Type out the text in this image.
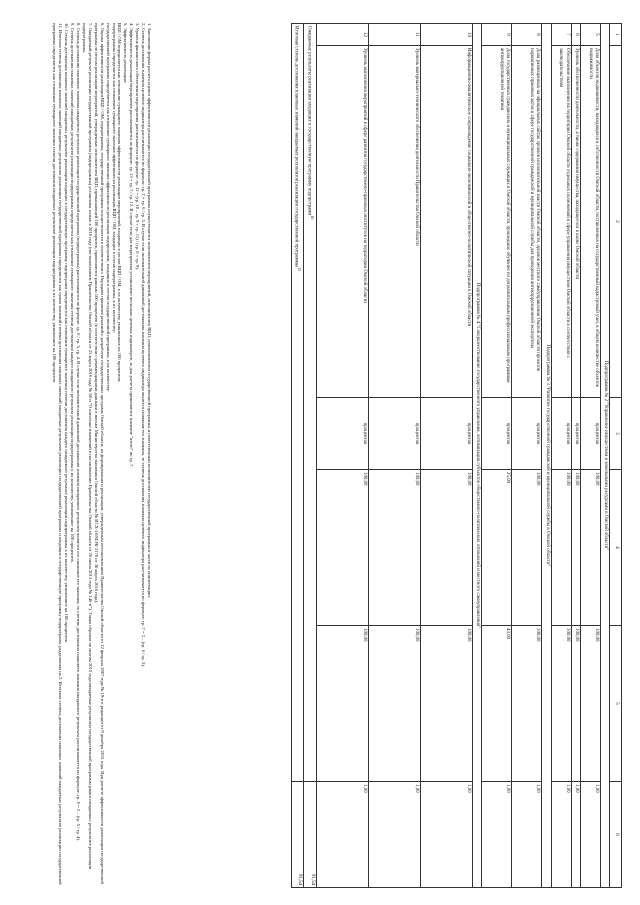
1	2	3	4	5	6
Подпрограмма № 2 "Управление имуществом и земельными ресурсами в Омской области"					
5	Доля объектов недвижимости, находящихся в собственности Омской области, поставленных на государственный кадастровый учет, в общем количестве объектов недвижимости	процентов	100,00	100,00	1,00
6	Уровень обеспеченности деятельности, а также содержания имущества, находящегося в казне Омской области	процентов	100,00	100,00	1,00
7	Обеспечение выполнения на территории Омской области отдельных полномочий в сфере управления имуществом Омской области в соответствии с законодательством	процентов	100,00	100,00	1,00
Подпрограмма № 3 "Развитие государственной гражданской и муниципальной службы в Омской области"					
8	Доля размещенных на официальных сайтах органов исполнительной власти Омской области, органов местного самоуправления Омской области проектов нормативных правовых актов в сфере государственной гражданской и муниципальной службы для проведения антикоррупционной экспертизы	процентов	100,00	100,00	1,00
9	Доля государственных гражданских и муниципальных служащих в Омской области, прошедших обучение по дополнительным профессиональным программам антикоррупционной тематики	процентов	25,00	43,00	1,00
Подпрограмма № 4 "Совершенствование государственного управления, оптимизация субъектов общественно-политических отношений и местного самоуправления"					
10	Информационно-аналитическое сопровождение социально-экономической и общественно-политической ситуации в Омской области	процентов	100,00	100,00	1,00
11	Уровень материально-технического обеспечения деятельности Правительства Омской области	процентов	100,00	100,00	1,00
12	Уровень выполнения мероприятий в сфере развития государственно-правовых институтов на территории Омской области	процентов	100,00	100,00	1,00
Ожидаемые результаты реализации входящих в государственную программу подпрограмм$^{10}$					91,54
Итоговая степень достижения плановых значений ожидаемых результатов реализации государственной программы$^{11}$					91,54

1. Заполнение формы расчета оценки эффективности реализации государственной программы осуществляется исполнителем мероприятий, исполнителем ВЦП, соисполнителем государственной программы и ответственным исполнителем государственной программы в части их компетенции.

2. Степень достижения значения целевого индикатора рассчитывается по формуле: гр. 7 = гр. 6 / гр. 5. В случае если положительной динамикой достижения значения целевого индикатора является снижение его значения, то степень достижения значения целевого индикатора рассчитывается по формуле: гр. 7 = 2 – (гр. 6 / гр. 5).

3. Уровень финансового обеспечения мероприятия рассчитывается по формуле: гр. 12 = (гр. 10 – гр. 9 + гр. 11) / (гр. 8 + гр. 9).

4. Эффективность реализации мероприятия рассчитывается по формуле: гр. 13 = гр. 7 / гр. 12. В случае если для мероприятия установлено несколько целевых индикаторов, то для расчета применяется значение "итого" по гр. 7.

5. Эффективность реализации:

ВЦП / ОМ определяется как отношение суммарного значения эффективности реализации мероприятий, входящих в состав ВЦП / ОМ, к их количеству, умноженное на 100 процентов;

подпрограммы определяется как отношение суммарного значения эффективности реализации ВЦП / ОМ, входящих в состав подпрограммы, к их количеству;

государственной программы определяется как отношение суммарного значения эффективности реализации подпрограмм, входящих в состав государственной программы, к их количеству.

6. Оценка эффективности реализации ВЦП / ОМ, подпрограммы, государственной программы осуществляется в соответствии с Порядком принятия решений о разработке государственных программ Омской области, их формирования и реализации, утвержденным постановлением Правительства Омской области от 12 февраля 2007 года № 19-п в редакции от 9 декабря 2015 года. При расчете эффективности реализации государственной программы по итогам реализации мероприятий, утвержденных исполнителем ВЦП, превышающей 100 процентов, применяются равным 100 процентов (в соответствии с рекомендациями данными в письме Министерства экономики Омской области № ИСХ-16/МЭК-2178 от 30 марта 2016 года).

7. Ожидаемый результат реализации государственной программы (подпрограммы) установлен только в 2016 году (постановлением Правительства Омской области от 23 марта 2016 года № 58-п "О внесении изменений в постановление Правительства Омской области от 26 июня 2013 года № 146-п"). Таким образом по итогам 2015 года ожидаемые результаты государственной программы рамки ожидаемых результатов реализации подпрограммы.

8. Степень достижения планового значения ожидаемого результата реализации государственной программы (подпрограммы) рассчитывается по формуле: гр. 6 / гр. 5, гр. 4. В случае если положительной динамикой достижения значения ожидаемого результата является его снижение его значения, то степень достижения планового значения ожидаемого результата рассчитывается по формуле: гр. 6 = 2 – (гр. 5 / гр. 4).

9. Степень достижения плановых значений ожидаемых результатов реализации подпрограммы определяется как отношение суммарного значения степени достижения каждого ожидаемого результата реализации подпрограммы к их количеству, умноженное на 100 процентов.

10. Степень достижения плановых значений ожидаемых результатов реализации входящих в государственную программу подпрограмм определяется как отношение суммарного значения степени достижения каждого ожидаемого результата реализации подпрограммы к их количеству, умноженное на 100 процентов.

11. Итоговая степень достижения плановых значений ожидаемых результатов реализации государственной программы определяется как сумма значений степени достижения плановых значений ожидаемых результатов реализации государственной программы и входящих в государственную программу подпрограмм, разделенная на 2. Итоговая степень достижения плановых значений ожидаемых результатов реализации государственной программы определяется как отношение суммарного значения степени достижения ожидаемых результатов реализации подпрограммы к их количеству, умноженное на 100 процентов.
